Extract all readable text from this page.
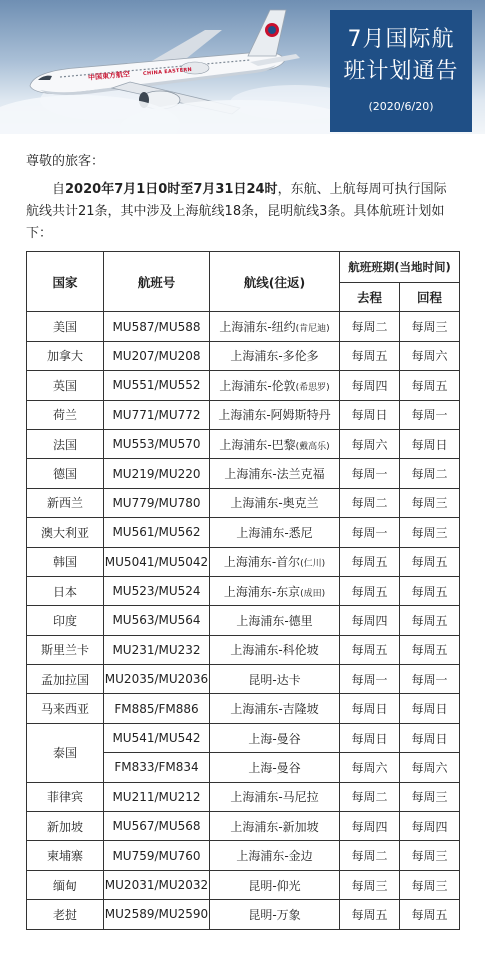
中国東方航空	CHINA EASTERN
7月国际航
班计划通告
(2020/6/20)

尊敬的旅客：

自2020年7月1日0时至7月31日24时，东航、上航每周可执行国际航线共计21条，其中涉及上海航线18条，昆明航线3条。具体航班计划如下：

国家	航班号	航线(往返)	航班班期(当地时间)	
			去程	回程
美国	MU587/MU588	上海浦东-纽约(肯尼迪)	每周二	每周三
加拿大	MU207/MU208	上海浦东-多伦多	每周五	每周六
英国	MU551/MU552	上海浦东-伦敦(希思罗)	每周四	每周五
荷兰	MU771/MU772	上海浦东-阿姆斯特丹	每周日	每周一
法国	MU553/MU570	上海浦东-巴黎(戴高乐)	每周六	每周日
德国	MU219/MU220	上海浦东-法兰克福	每周一	每周二
新西兰	MU779/MU780	上海浦东-奥克兰	每周二	每周三
澳大利亚	MU561/MU562	上海浦东-悉尼	每周一	每周三
韩国	MU5041/MU5042	上海浦东-首尔(仁川)	每周五	每周五
日本	MU523/MU524	上海浦东-东京(成田)	每周五	每周五
印度	MU563/MU564	上海浦东-德里	每周四	每周五
斯里兰卡	MU231/MU232	上海浦东-科伦坡	每周五	每周五
孟加拉国	MU2035/MU2036	昆明-达卡	每周一	每周一
马来西亚	FM885/FM886	上海浦东-吉隆坡	每周日	每周日
泰国	MU541/MU542	上海-曼谷	每周日	每周日
	FM833/FM834	上海-曼谷	每周六	每周六
菲律宾	MU211/MU212	上海浦东-马尼拉	每周二	每周三
新加坡	MU567/MU568	上海浦东-新加坡	每周四	每周四
柬埔寨	MU759/MU760	上海浦东-金边	每周二	每周三
缅甸	MU2031/MU2032	昆明-仰光	每周三	每周三
老挝	MU2589/MU2590	昆明-万象	每周五	每周五
